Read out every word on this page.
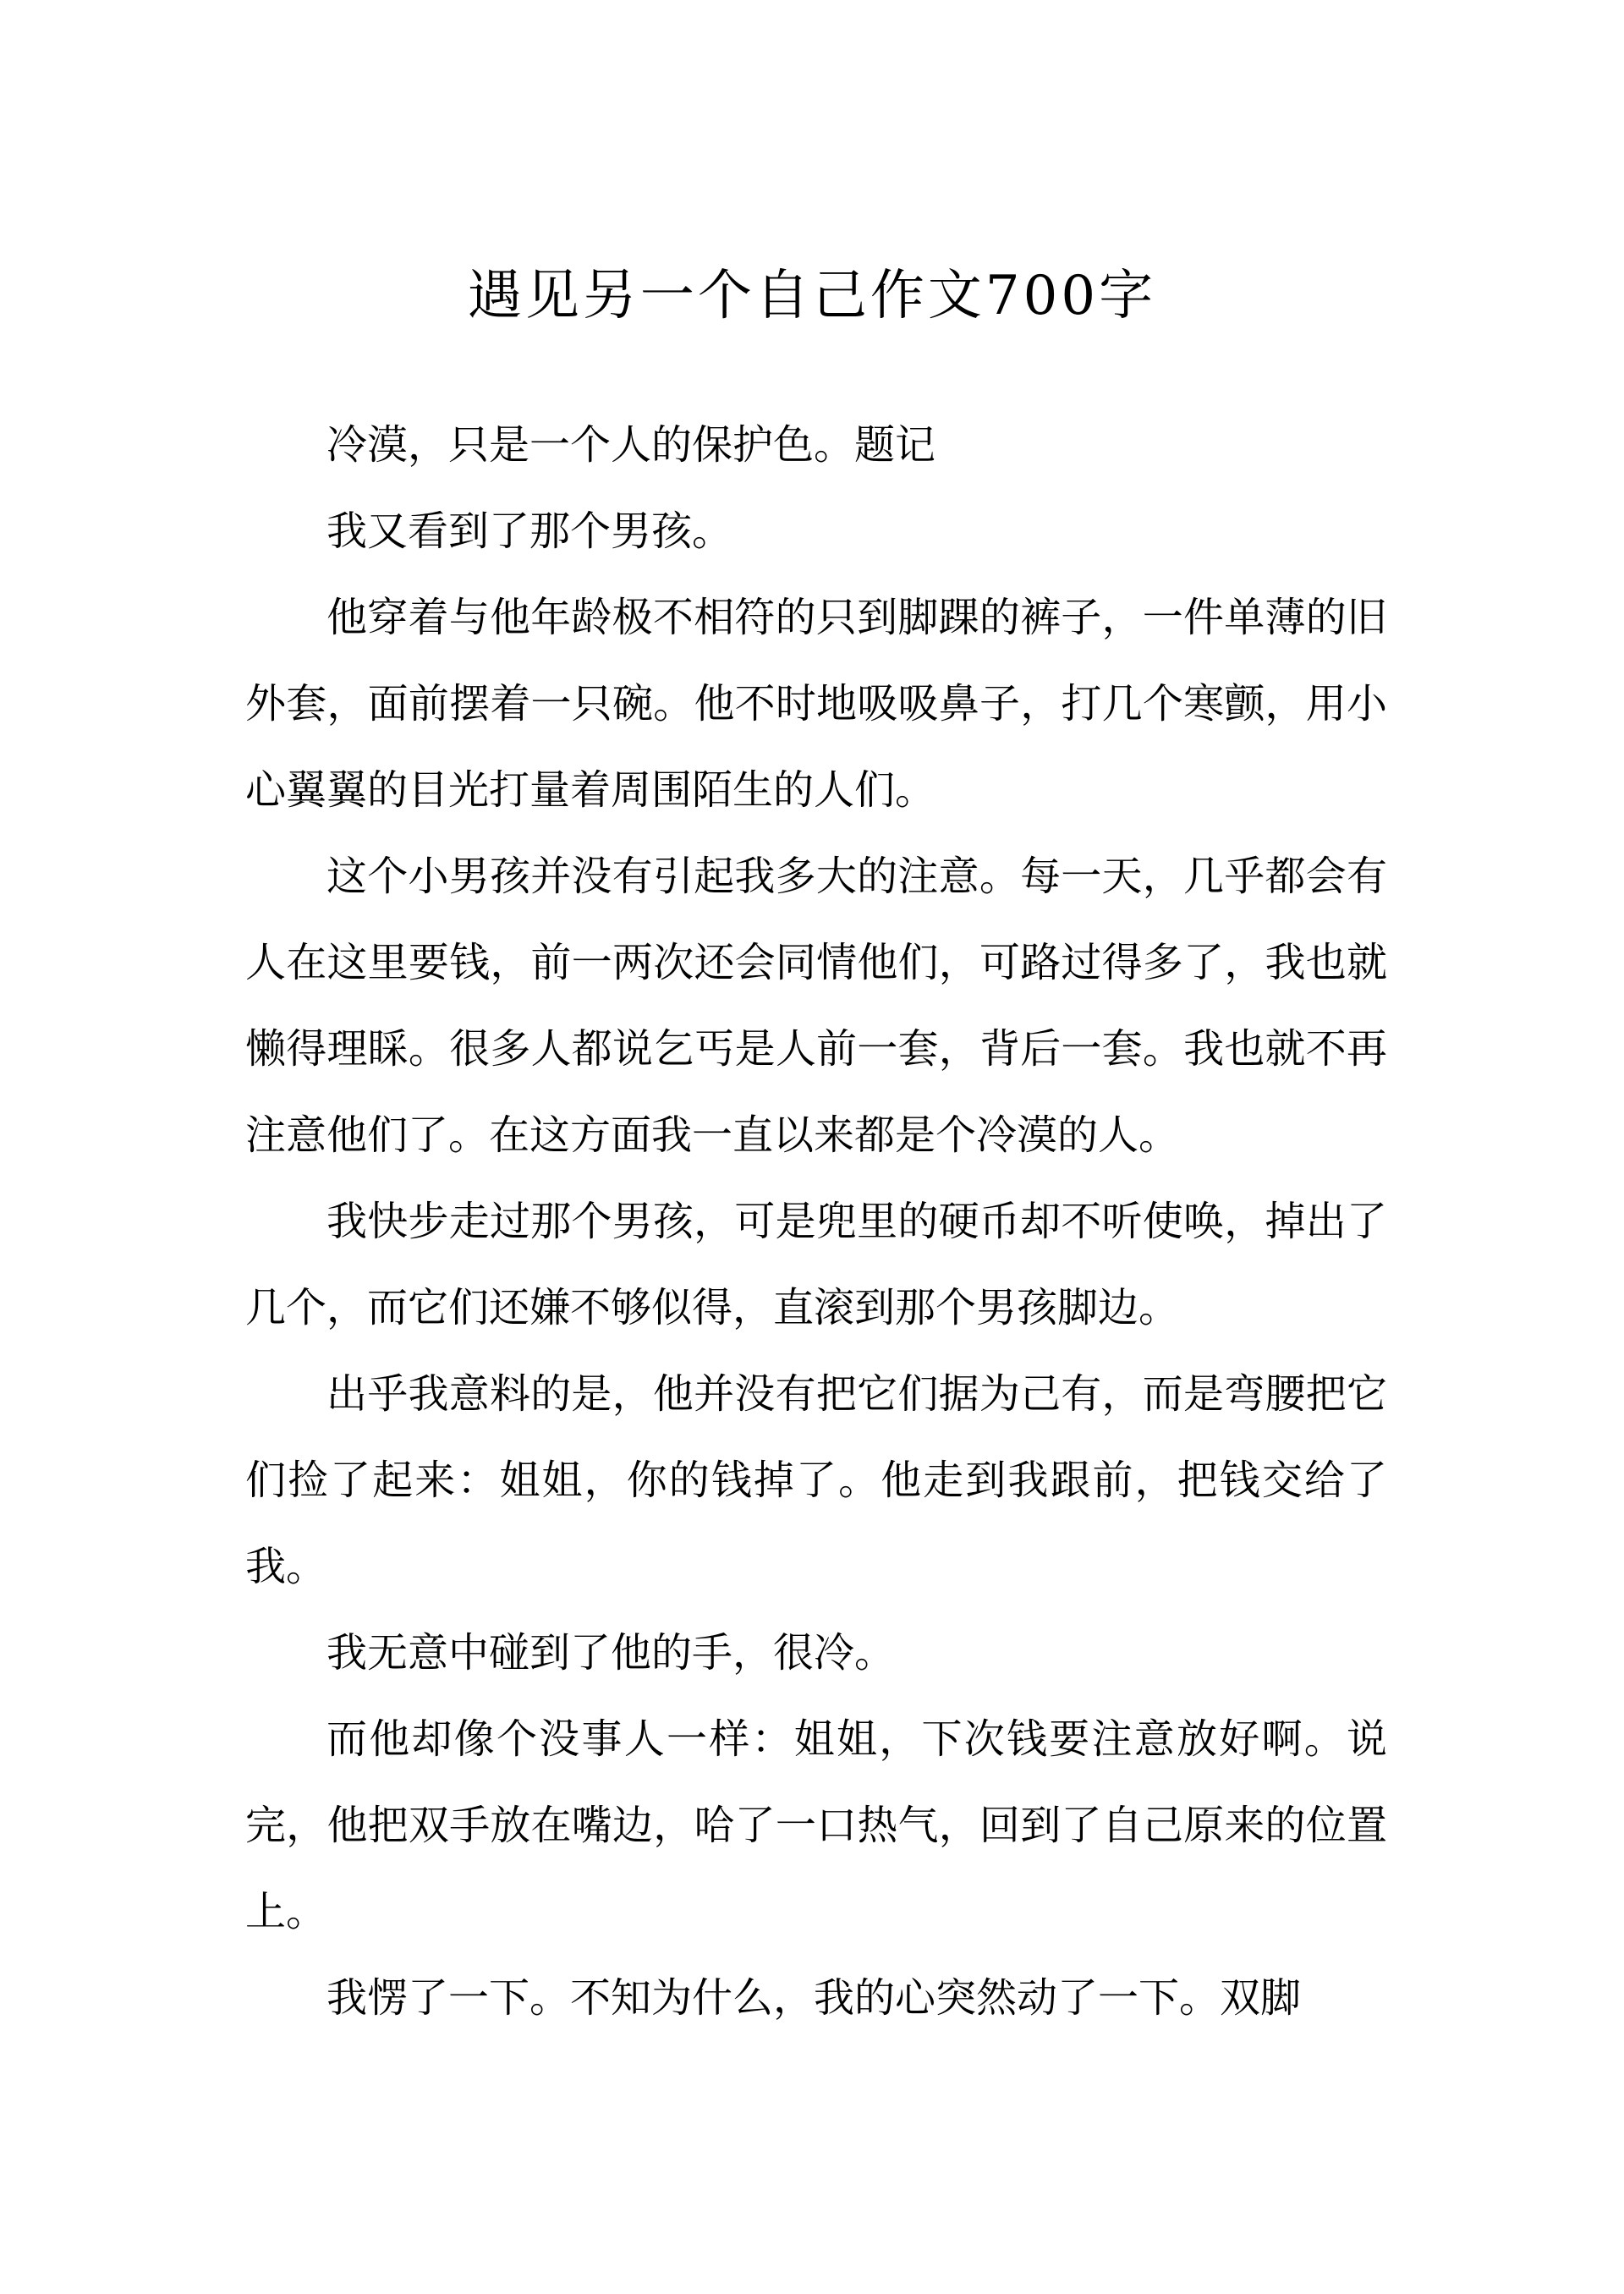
遇见另一个自己作文700字

冷漠，只是一个人的保护色。题记

我又看到了那个男孩。

他穿着与他年龄极不相符的只到脚踝的裤子，一件单薄的旧外套，面前摆着一只碗。他不时地吸吸鼻子，打几个寒颤，用小心翼翼的目光打量着周围陌生的人们。

这个小男孩并没有引起我多大的注意。每一天，几乎都会有人在这里要钱，前一两次还会同情他们，可路过得多了，我也就懒得理睬。很多人都说乞丐是人前一套，背后一套。我也就不再注意他们了。在这方面我一直以来都是个冷漠的人。

我快步走过那个男孩，可是兜里的硬币却不听使唤，掉出了几个，而它们还嫌不够似得，直滚到那个男孩脚边。

出乎我意料的是，他并没有把它们据为己有，而是弯腰把它们捡了起来：姐姐，你的钱掉了。他走到我跟前，把钱交给了我。

我无意中碰到了他的手，很冷。

而他却像个没事人一样：姐姐，下次钱要注意放好啊。说完，他把双手放在嘴边，哈了一口热气，回到了自己原来的位置上。

我愣了一下。不知为什么，我的心突然动了一下。双脚
